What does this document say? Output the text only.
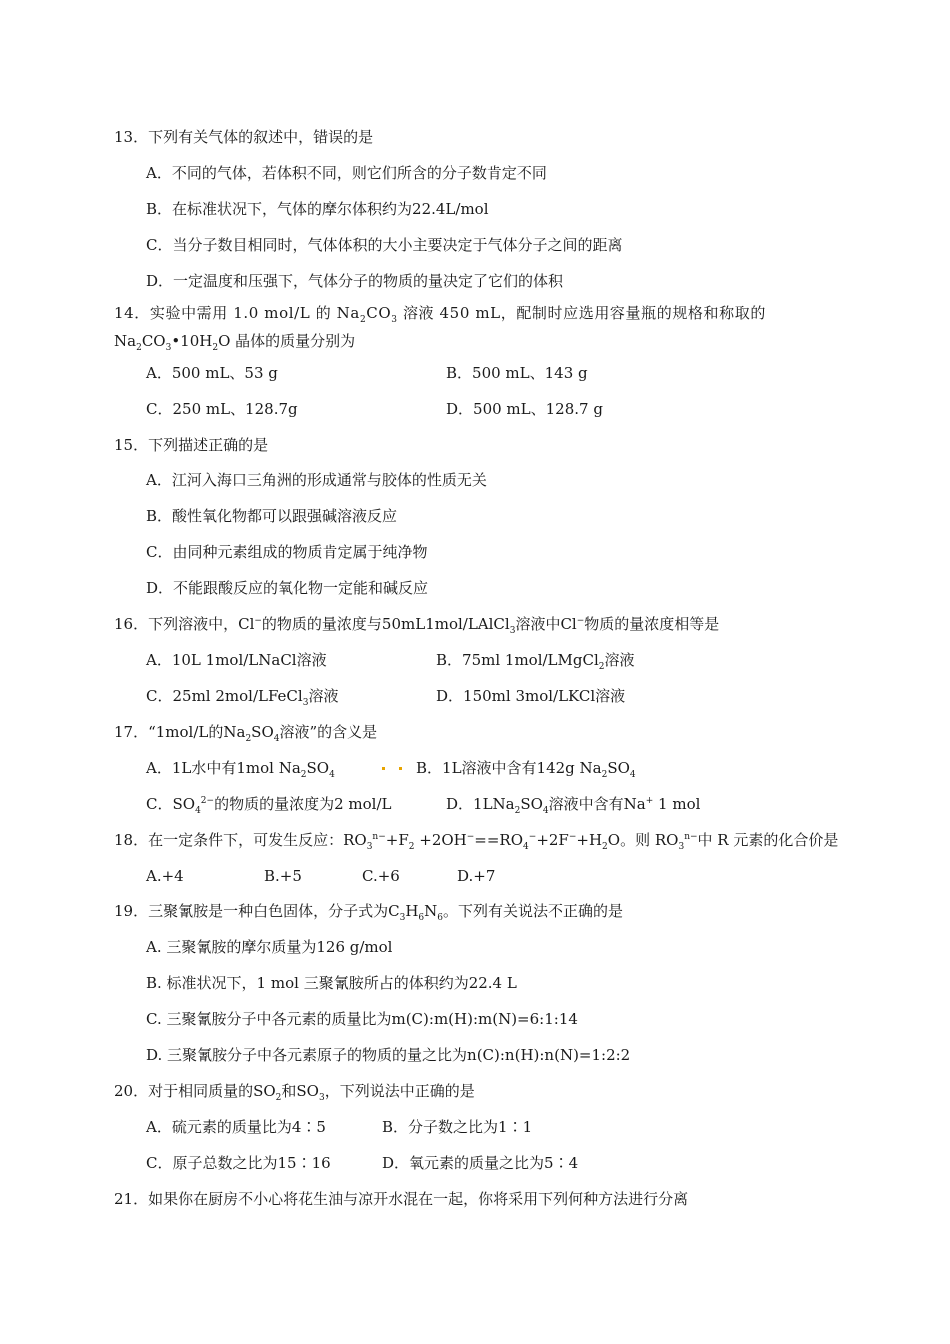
13．下列有关气体的叙述中，错误的是
A．不同的气体，若体积不同，则它们所含的分子数肯定不同
B．在标准状况下，气体的摩尔体积约为22.4L/mol
C．当分子数目相同时，气体体积的大小主要决定于气体分子之间的距离
D．一定温度和压强下，气体分子的物质的量决定了它们的体积
14．实验中需用 1.0 mol/L 的 $Na_2CO_3$ 溶液 450 mL，配制时应选用容量瓶的规格和称取的
$Na_2CO_3•10H_2O$ 晶体的质量分别为
A．500 mL、53 g	B．500 mL、143 g
C．250 mL、128.7g	D．500 mL、128.7 g
15．下列描述正确的是
A．江河入海口三角洲的形成通常与胶体的性质无关
B．酸性氧化物都可以跟强碱溶液反应
C．由同种元素组成的物质肯定属于纯净物
D．不能跟酸反应的氧化物一定能和碱反应
16．下列溶液中，Cl−的物质的量浓度与50mL1mol/LAlCl$_3$溶液中Cl−物质的量浓度相等是
A．10L 1mol/LNaCl溶液	B．75ml 1mol/LMgCl$_2$溶液
C．25ml 2mol/LFeCl$_3$溶液	D．150ml 3mol/LKCl溶液
17．“1mol/L的$Na_2SO_4$溶液”的含义是
A．1L水中有1mol $Na_2SO_4$	B．1L溶液中含有142g $Na_2SO_4$
C．$SO_4^{2-}$的物质的量浓度为2 mol/L	D．$1LNa_2SO_4$溶液中含有Na+ 1 mol
18．在一定条件下，可发生反应：$RO_3^{n-}+F_2 +2OH^-==RO_4^-+2F^-+H_2O$。则 $RO_3^{n-}$中 R 元素的化合价是
A.+4	B.+5	C.+6	D.+7
19．三聚氰胺是一种白色固体，分子式为$C_3H_6N_6$。下列有关说法不正确的是
A. 三聚氰胺的摩尔质量为126 g/mol
B. 标准状况下，1 mol 三聚氰胺所占的体积约为22.4 L
C. 三聚氰胺分子中各元素的质量比为m(C):m(H):m(N)=6:1:14
D. 三聚氰胺分子中各元素原子的物质的量之比为n(C):n(H):n(N)=1:2:2
20．对于相同质量的$SO_2$和$SO_3$，下列说法中正确的是
A．硫元素的质量比为4∶5	B．分子数之比为1∶1
C．原子总数之比为15∶16	D．氧元素的质量之比为5∶4
21．如果你在厨房不小心将花生油与凉开水混在一起，你将采用下列何种方法进行分离
